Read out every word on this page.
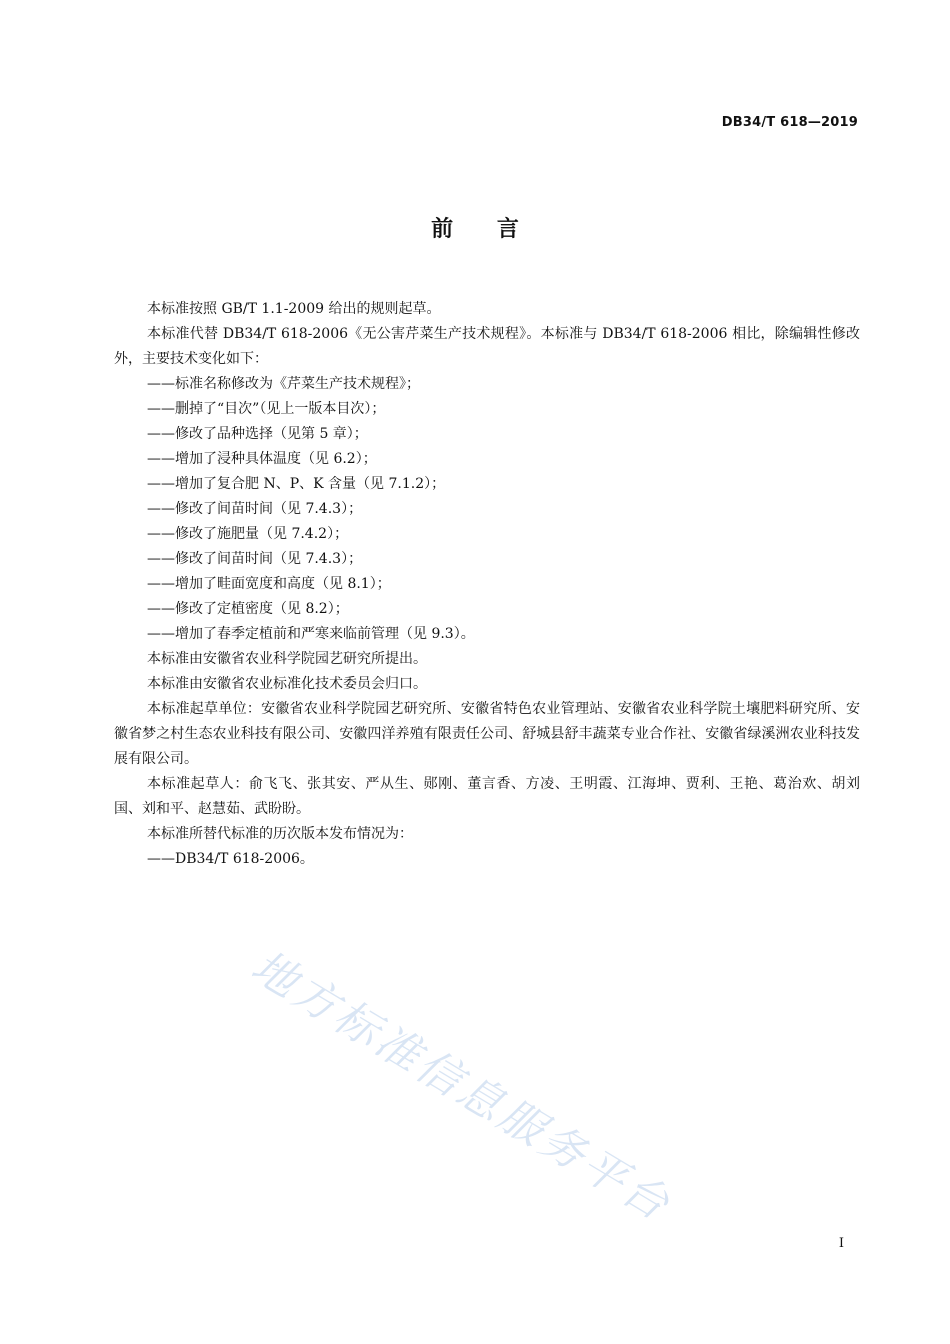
DB34/T 618—2019
前 言

本标准按照 GB/T 1.1-2009 给出的规则起草。

本标准代替 DB34/T 618-2006《无公害芹菜生产技术规程》。本标准与 DB34/T 618-2006 相比，除编辑性修改外，主要技术变化如下：

——标准名称修改为《芹菜生产技术规程》；

——删掉了“目次”（见上一版本目次）；

——修改了品种选择（见第 5 章）；

——增加了浸种具体温度（见 6.2）；

——增加了复合肥 N、P、K 含量（见 7.1.2）；

——修改了间苗时间（见 7.4.3）；

——修改了施肥量（见 7.4.2）；

——修改了间苗时间（见 7.4.3）；

——增加了畦面宽度和高度（见 8.1）；

——修改了定植密度（见 8.2）；

——增加了春季定植前和严寒来临前管理（见 9.3）。

本标准由安徽省农业科学院园艺研究所提出。

本标准由安徽省农业标准化技术委员会归口。

本标准起草单位：安徽省农业科学院园艺研究所、安徽省特色农业管理站、安徽省农业科学院土壤肥料研究所、安徽省梦之村生态农业科技有限公司、安徽四洋养殖有限责任公司、舒城县舒丰蔬菜专业合作社、安徽省绿溪洲农业科技发展有限公司。

本标准起草人：俞飞飞、张其安、严从生、郧刚、董言香、方凌、王明霞、江海坤、贾利、王艳、葛治欢、胡刘国、刘和平、赵慧茹、武盼盼。

本标准所替代标准的历次版本发布情况为：

——DB34/T 618-2006。

地方标准信息服务平台
I
